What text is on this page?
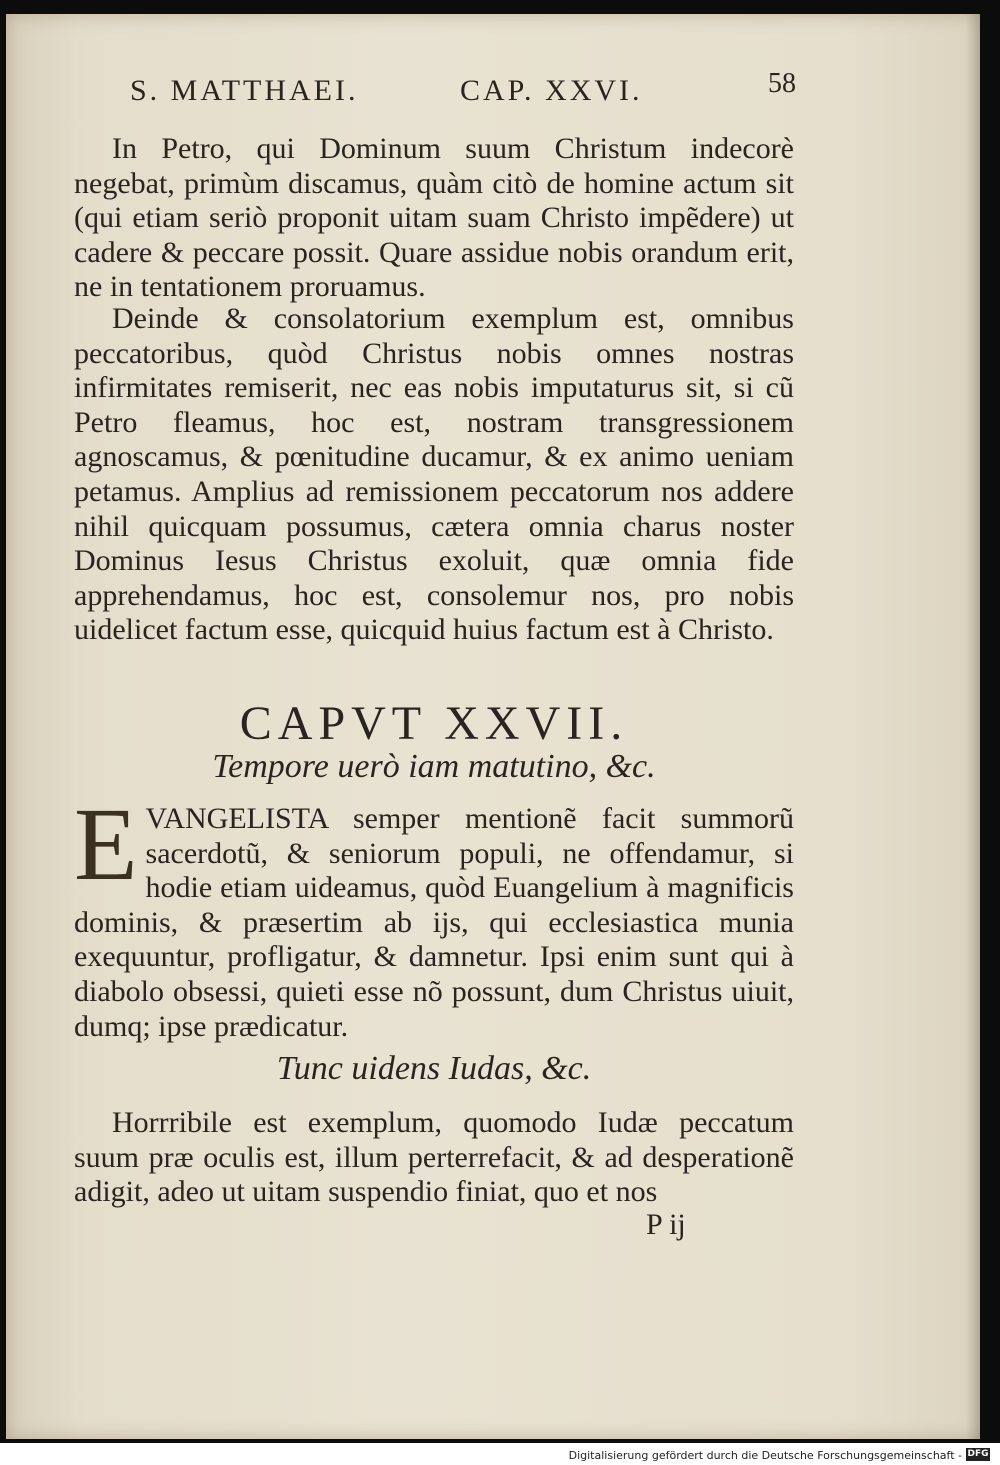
S. MATTHAEI.	CAP. XXVI.	58

In Petro, qui Dominum suum Christum indecorè negebat, primùm discamus, quàm citò de homine actum sit (qui etiam seriò proponit uitam suam Christo impẽdere) ut cadere & peccare possit. Quare assidue nobis orandum erit, ne in tentationem proruamus.

Deinde & consolatorium exemplum est, omnibus peccatoribus, quòd Christus nobis omnes nostras infirmitates remiserit, nec eas nobis imputaturus sit, si cũ Petro fleamus, hoc est, nostram transgressionem agnoscamus, & pœnitudine ducamur, & ex animo ueniam petamus. Amplius ad remissionem peccatorum nos addere nihil quicquam possumus, cætera omnia charus noster Dominus Iesus Christus exoluit, quæ omnia fide apprehendamus, hoc est, consolemur nos, pro nobis uidelicet factum esse, quicquid huius factum est à Christo.

CAPVT XXVII.
Tempore uerò iam matutino, &c.
E VANGELISTA semper mentionẽ facit summorũ sacerdotũ, & seniorum populi, ne offendamur, si hodie etiam uideamus, quòd Euangelium à magnificis dominis, & præsertim ab ijs, qui ecclesiastica munia exequuntur, profligatur, & damnetur. Ipsi enim sunt qui à diabolo obsessi, quieti esse nõ possunt, dum Christus uiuit, dumq; ipse prædicatur.

Tunc uidens Iudas, &c.

Horrribile est exemplum, quomodo Iudæ peccatum suum præ oculis est, illum perterrefacit, & ad desperationẽ adigit, adeo ut uitam suspendio finiat, quo et nos

P ij
Digitalisierung gefördert durch die Deutsche Forschungsgemeinschaft - DFG
